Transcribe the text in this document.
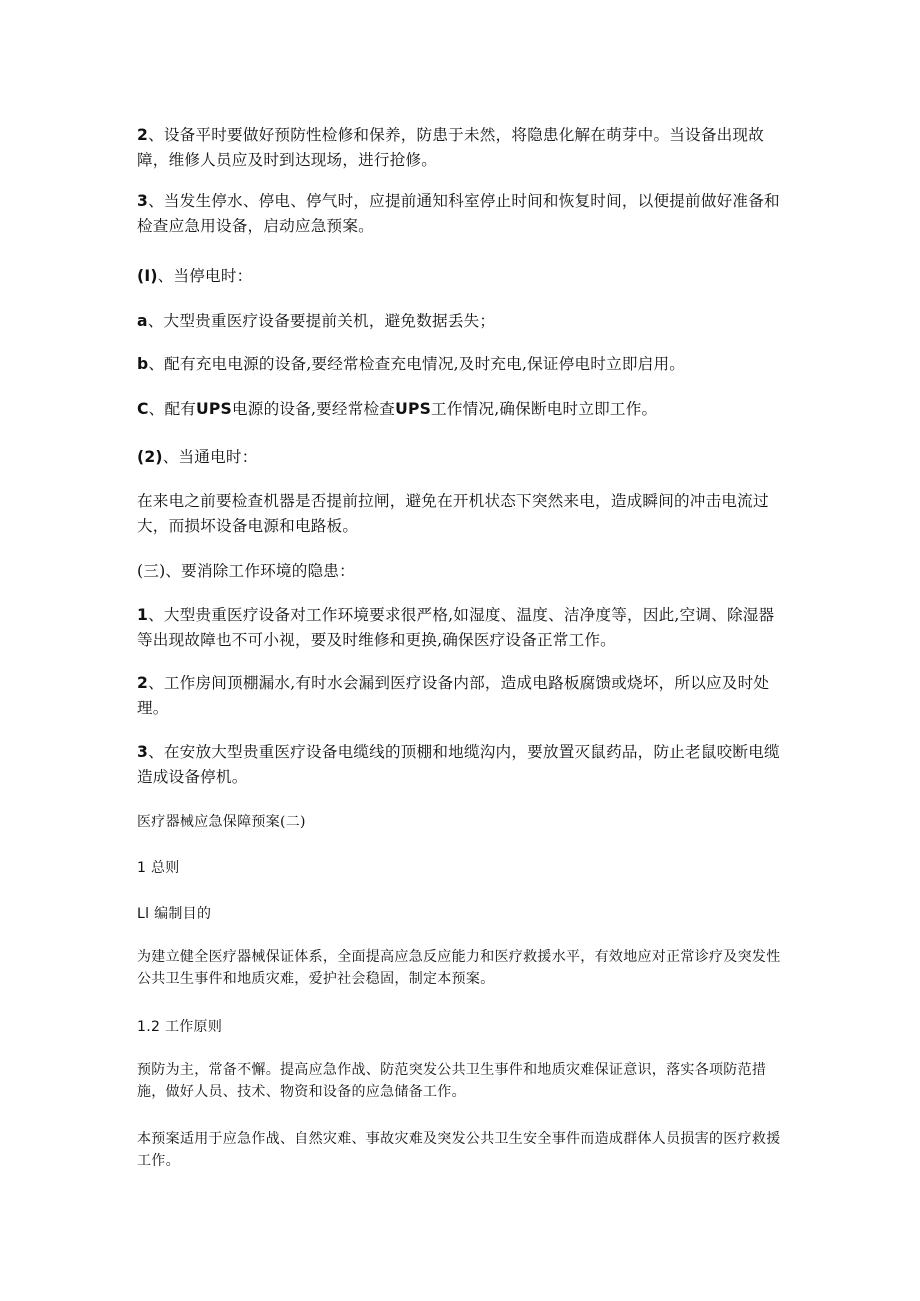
2、设备平时要做好预防性检修和保养，防患于未然，将隐患化解在萌芽中。当设备出现故障，维修人员应及时到达现场，进行抢修。

3、当发生停水、停电、停气时，应提前通知科室停止时间和恢复时间，以便提前做好准备和检查应急用设备，启动应急预案。

(I)、当停电时：

a、大型贵重医疗设备要提前关机，避免数据丢失；

b、配有充电电源的设备,要经常检查充电情况,及时充电,保证停电时立即启用。

C、配有UPS电源的设备,要经常检查UPS工作情况,确保断电时立即工作。

(2)、当通电时：

在来电之前要检查机器是否提前拉闸，避免在开机状态下突然来电，造成瞬间的冲击电流过大，而损坏设备电源和电路板。

(三)、要消除工作环境的隐患：

1、大型贵重医疗设备对工作环境要求很严格,如湿度、温度、洁净度等，因此,空调、除湿器等出现故障也不可小视，要及时维修和更换,确保医疗设备正常工作。

2、工作房间顶棚漏水,有时水会漏到医疗设备内部，造成电路板腐馈或烧坏，所以应及时处理。

3、在安放大型贵重医疗设备电缆线的顶棚和地缆沟内，要放置灭鼠药品，防止老鼠咬断电缆造成设备停机。

医疗器械应急保障预案(二)

1 总则

Ll 编制目的

为建立健全医疗器械保证体系，全面提高应急反应能力和医疗救援水平，有效地应对正常诊疗及突发性公共卫生事件和地质灾难，爱护社会稳固，制定本预案。

1.2 工作原则

预防为主，常备不懈。提高应急作战、防范突发公共卫生事件和地质灾难保证意识，落实各项防范措施，做好人员、技术、物资和设备的应急储备工作。

本预案适用于应急作战、自然灾难、事故灾难及突发公共卫生安全事件而造成群体人员损害的医疗救援工作。
